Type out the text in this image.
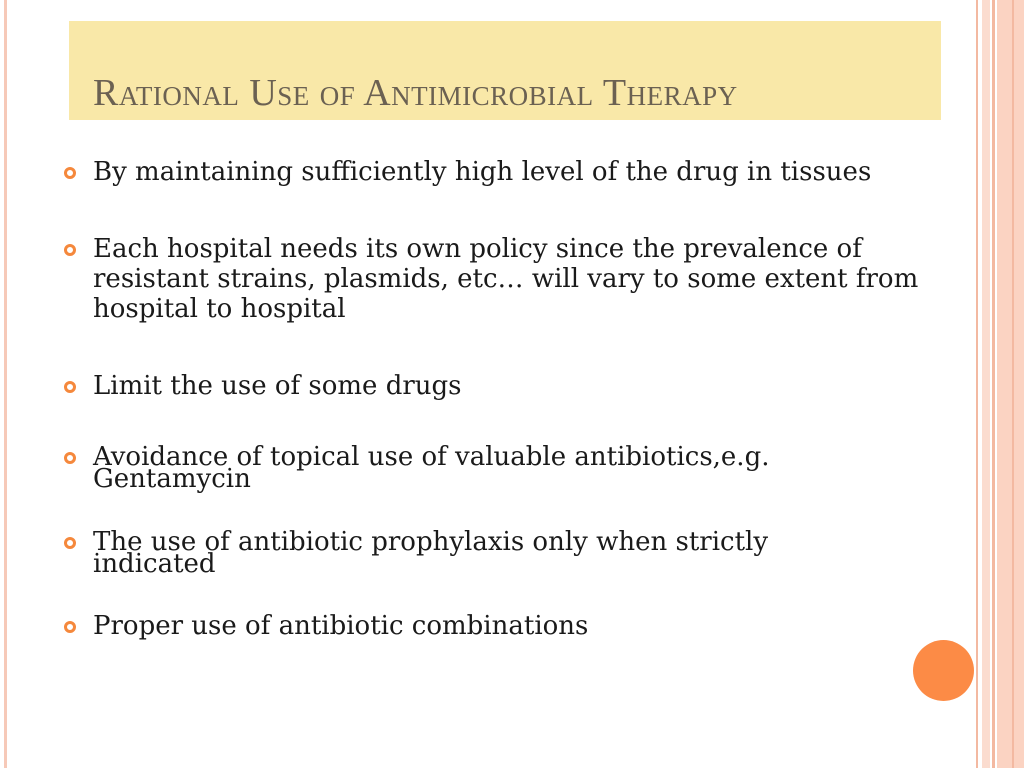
Rational Use of Antimicrobial Therapy
By maintaining sufficiently high level of the drug in tissues
Each hospital needs its own policy since the prevalence of resistant strains, plasmids, etc… will vary to some extent from hospital to hospital
Limit the use of some drugs
Avoidance of topical use of valuable antibiotics,e.g. Gentamycin
The use of antibiotic prophylaxis only when strictly indicated
Proper use of antibiotic combinations
